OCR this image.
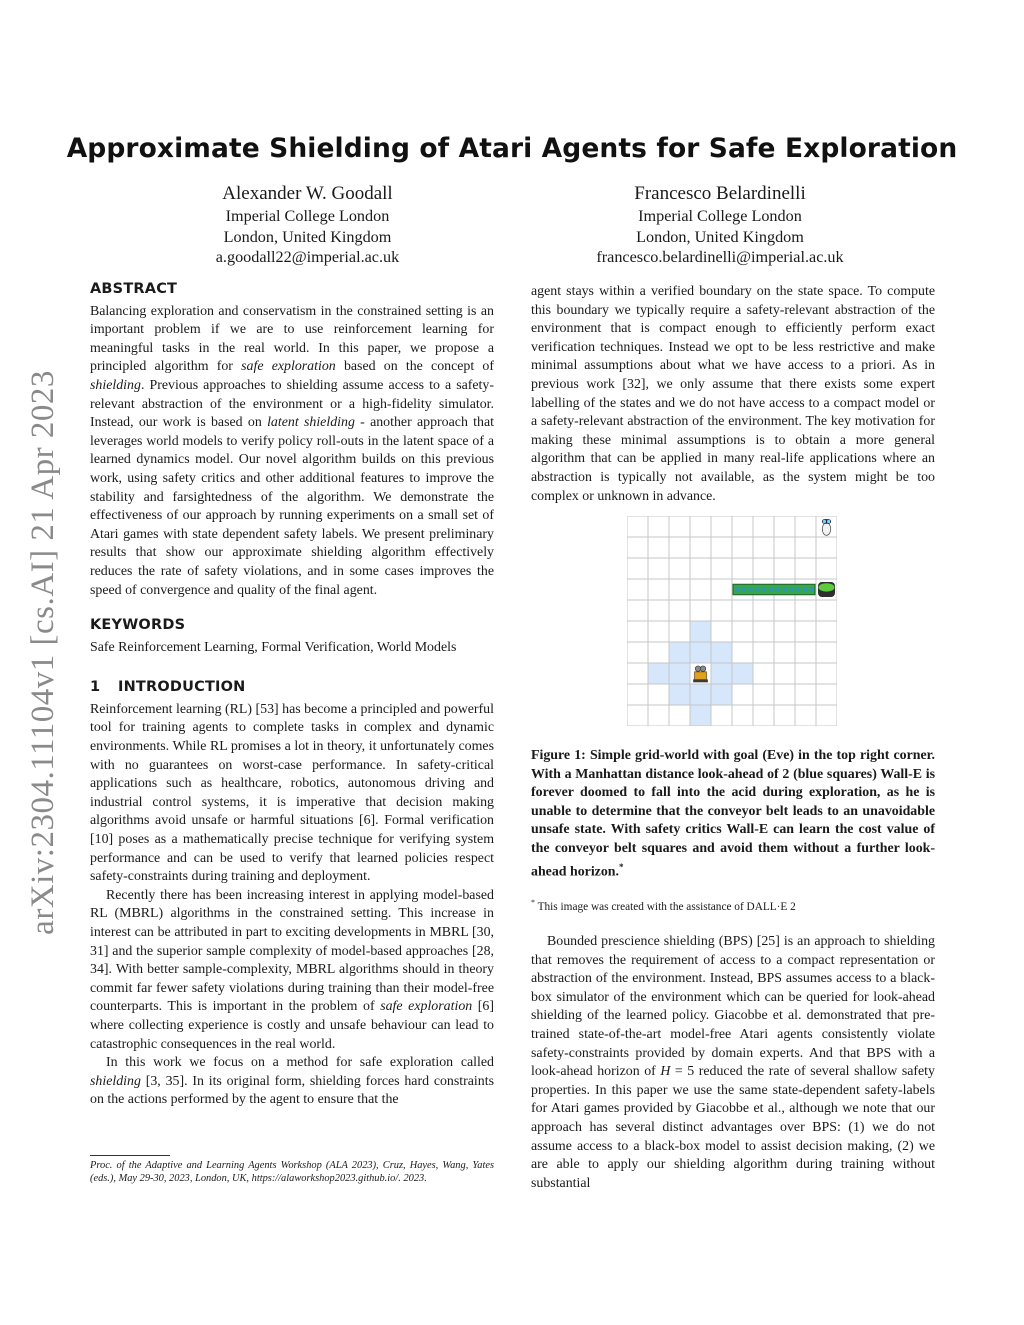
arXiv:2304.11104v1 [cs.AI] 21 Apr 2023
Approximate Shielding of Atari Agents for Safe Exploration
Alexander W. Goodall
Imperial College London
London, United Kingdom
a.goodall22@imperial.ac.uk
Francesco Belardinelli
Imperial College London
London, United Kingdom
francesco.belardinelli@imperial.ac.uk
ABSTRACT

Balancing exploration and conservatism in the constrained setting is an important problem if we are to use reinforcement learning for meaningful tasks in the real world. In this paper, we propose a principled algorithm for safe exploration based on the concept of shielding. Previous approaches to shielding assume access to a safety-relevant abstraction of the environment or a high-fidelity simulator. Instead, our work is based on latent shielding - another approach that leverages world models to verify policy roll-outs in the latent space of a learned dynamics model. Our novel algorithm builds on this previous work, using safety critics and other additional features to improve the stability and farsightedness of the algorithm. We demonstrate the effectiveness of our approach by running experiments on a small set of Atari games with state dependent safety labels. We present preliminary results that show our approximate shielding algorithm effectively reduces the rate of safety violations, and in some cases improves the speed of convergence and quality of the final agent.

KEYWORDS

Safe Reinforcement Learning, Formal Verification, World Models

1 INTRODUCTION

Reinforcement learning (RL) [53] has become a principled and powerful tool for training agents to complete tasks in complex and dynamic environments. While RL promises a lot in theory, it unfortunately comes with no guarantees on worst-case performance. In safety-critical applications such as healthcare, robotics, autonomous driving and industrial control systems, it is imperative that decision making algorithms avoid unsafe or harmful situations [6]. Formal verification [10] poses as a mathematically precise technique for verifying system performance and can be used to verify that learned policies respect safety-constraints during training and deployment.

Recently there has been increasing interest in applying model-based RL (MBRL) algorithms in the constrained setting. This increase in interest can be attributed in part to exciting developments in MBRL [30, 31] and the superior sample complexity of model-based approaches [28, 34]. With better sample-complexity, MBRL algorithms should in theory commit far fewer safety violations during training than their model-free counterparts. This is important in the problem of safe exploration [6] where collecting experience is costly and unsafe behaviour can lead to catastrophic consequences in the real world.

In this work we focus on a method for safe exploration called shielding [3, 35]. In its original form, shielding forces hard constraints on the actions performed by the agent to ensure that the

Proc. of the Adaptive and Learning Agents Workshop (ALA 2023), Cruz, Hayes, Wang, Yates (eds.), May 29-30, 2023, London, UK, https://alaworkshop2023.github.io/. 2023.

agent stays within a verified boundary on the state space. To compute this boundary we typically require a safety-relevant abstraction of the environment that is compact enough to efficiently perform exact verification techniques. Instead we opt to be less restrictive and make minimal assumptions about what we have access to a priori. As in previous work [32], we only assume that there exists some expert labelling of the states and we do not have access to a compact model or a safety-relevant abstraction of the environment. The key motivation for making these minimal assumptions is to obtain a more general algorithm that can be applied in many real-life applications where an abstraction is typically not available, as the system might be too complex or unknown in advance.

Figure 1: Simple grid-world with goal (Eve) in the top right corner. With a Manhattan distance look-ahead of 2 (blue squares) Wall-E is forever doomed to fall into the acid during exploration, as he is unable to determine that the conveyor belt leads to an unavoidable unsafe state. With safety critics Wall-E can learn the cost value of the conveyor belt squares and avoid them without a further look-ahead horizon.*
* This image was created with the assistance of DALL·E 2

Bounded prescience shielding (BPS) [25] is an approach to shielding that removes the requirement of access to a compact representation or abstraction of the environment. Instead, BPS assumes access to a black-box simulator of the environment which can be queried for look-ahead shielding of the learned policy. Giacobbe et al. demonstrated that pre-trained state-of-the-art model-free Atari agents consistently violate safety-constraints provided by domain experts. And that BPS with a look-ahead horizon of H = 5 reduced the rate of several shallow safety properties. In this paper we use the same state-dependent safety-labels for Atari games provided by Giacobbe et al., although we note that our approach has several distinct advantages over BPS: (1) we do not assume access to a black-box model to assist decision making, (2) we are able to apply our shielding algorithm during training without substantial
